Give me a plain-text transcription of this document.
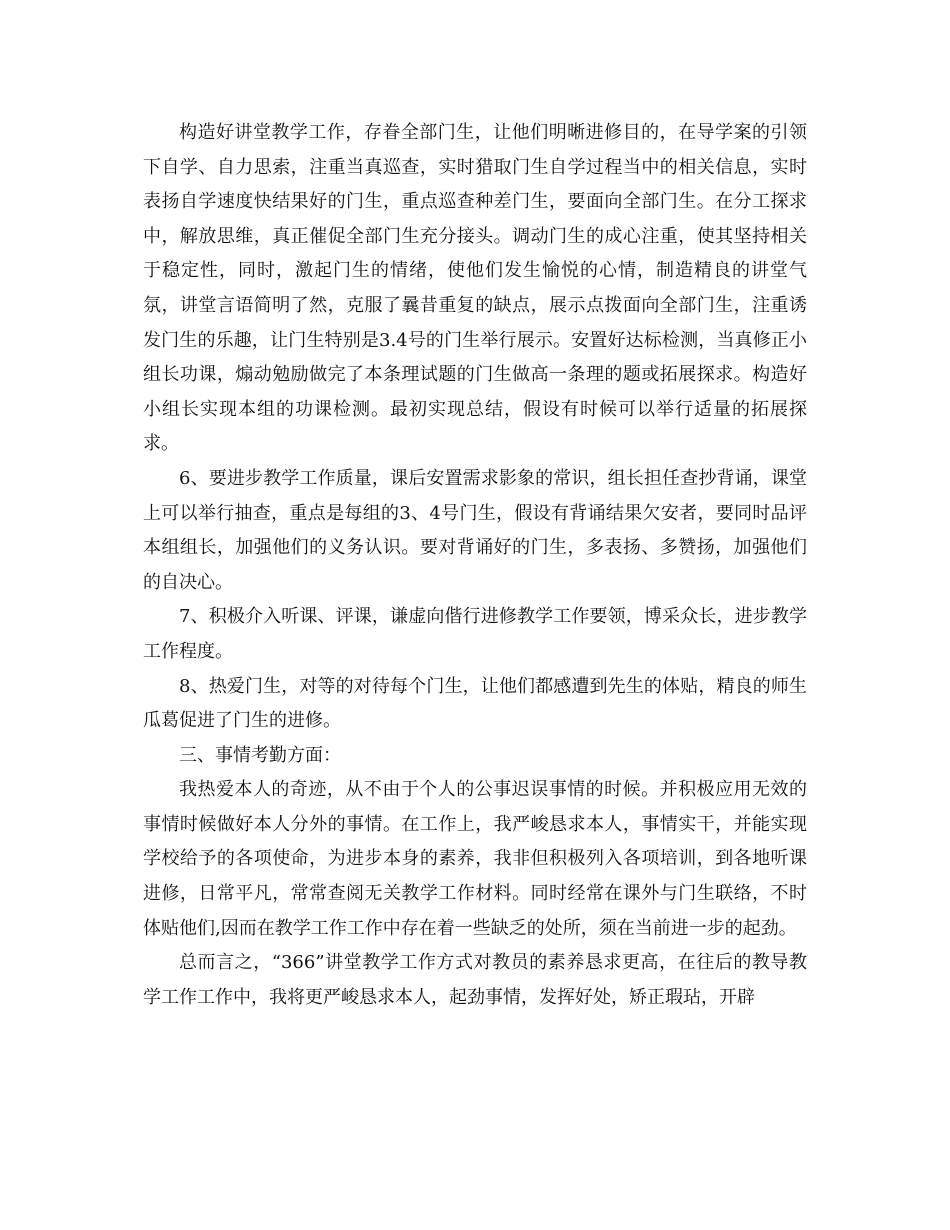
构造好讲堂教学工作，存眷全部门生，让他们明晰进修目的，在导学案的引领下自学、自力思索，注重当真巡查，实时猎取门生自学过程当中的相关信息，实时表扬自学速度快结果好的门生，重点巡查种差门生，要面向全部门生。在分工探求中，解放思维，真正催促全部门生充分接头。调动门生的成心注重，使其坚持相关于稳定性，同时，激起门生的情绪，使他们发生愉悦的心情，制造精良的讲堂气氛，讲堂言语简明了然，克服了曩昔重复的缺点，展示点拨面向全部门生，注重诱发门生的乐趣，让门生特别是3.4号的门生举行展示。安置好达标检测，当真修正小组长功课，煽动勉励做完了本条理试题的门生做高一条理的题或拓展探求。构造好小组长实现本组的功课检测。最初实现总结，假设有时候可以举行适量的拓展探求。

6、要进步教学工作质量，课后安置需求影象的常识，组长担任查抄背诵，课堂上可以举行抽查，重点是每组的3、4号门生，假设有背诵结果欠安者，要同时品评本组组长，加强他们的义务认识。要对背诵好的门生，多表扬、多赞扬，加强他们的自决心。

7、积极介入听课、评课，谦虚向偕行进修教学工作要领，博采众长，进步教学工作程度。

8、热爱门生，对等的对待每个门生，让他们都感遭到先生的体贴，精良的师生瓜葛促进了门生的进修。

三、事情考勤方面：

我热爱本人的奇迹，从不由于个人的公事迟误事情的时候。并积极应用无效的事情时候做好本人分外的事情。在工作上，我严峻恳求本人，事情实干，并能实现学校给予的各项使命，为进步本身的素养，我非但积极列入各项培训，到各地听课进修，日常平凡，常常查阅无关教学工作材料。同时经常在课外与门生联络，不时体贴他们,因而在教学工作工作中存在着一些缺乏的处所，须在当前进一步的起劲。

总而言之，“366”讲堂教学工作方式对教员的素养恳求更高，在往后的教导教学工作工作中，我将更严峻恳求本人，起劲事情，发挥好处，矫正瑕玷，开辟
